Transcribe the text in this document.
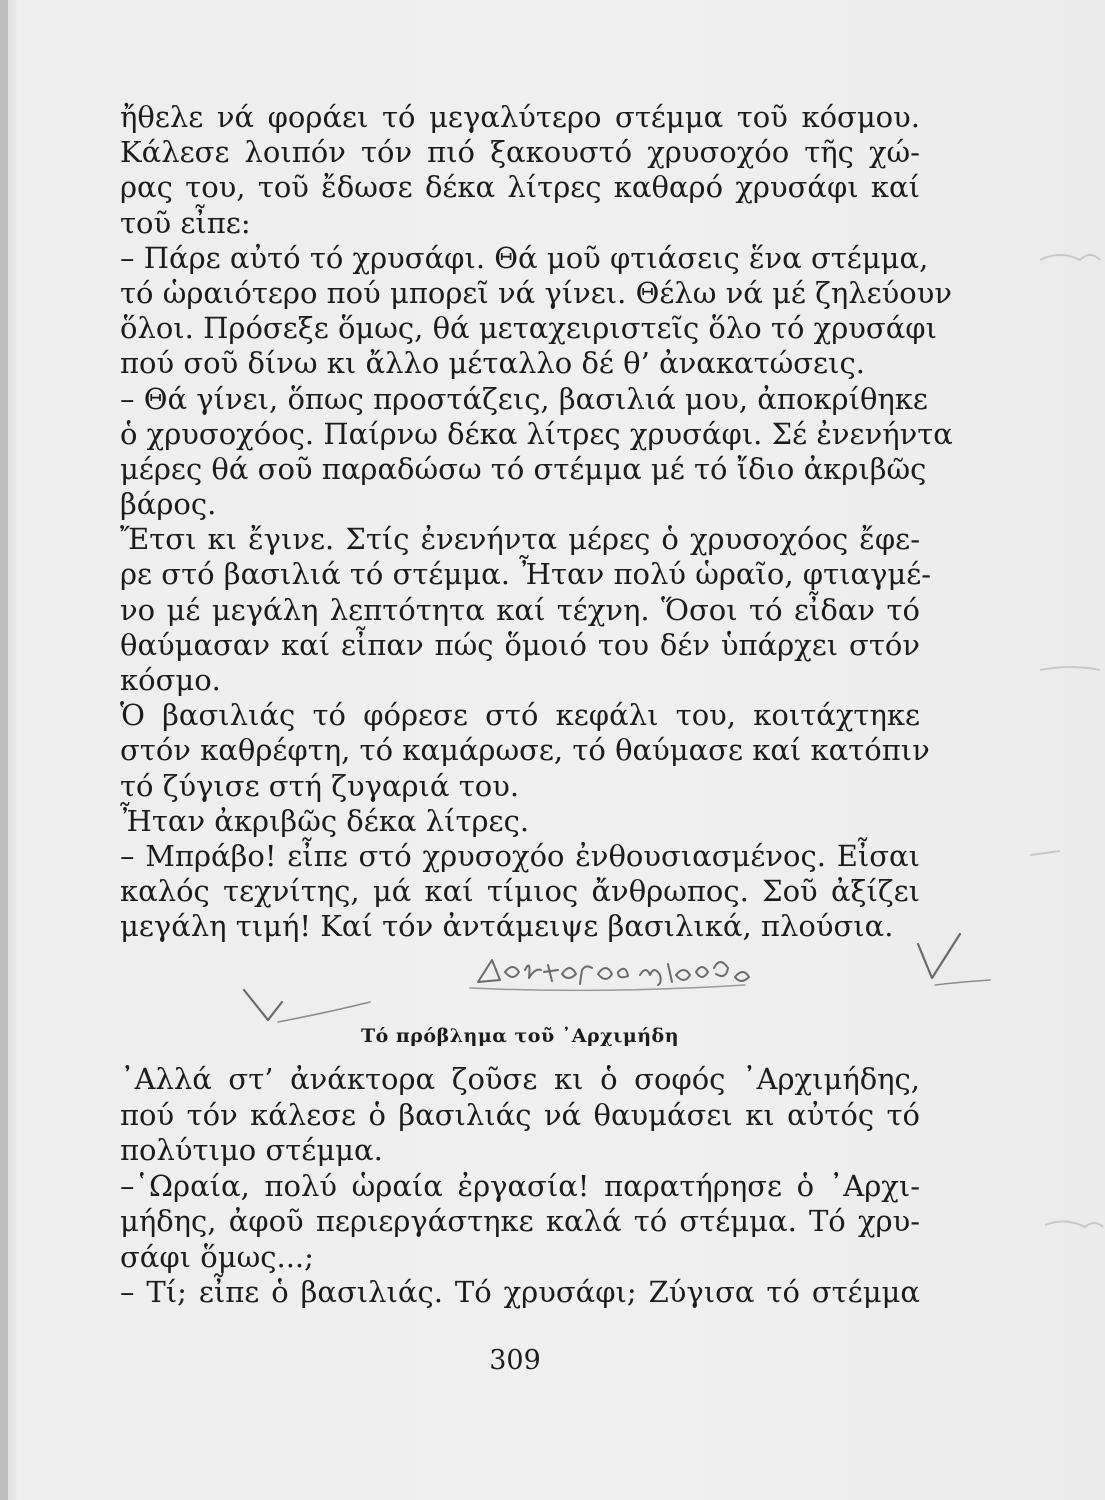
ἤθελε νά φοράει τό μεγαλύτερο στέμμα τοῦ κόσμου.
Κάλεσε λοιπόν τόν πιό ξακουστό χρυσοχόο τῆς χώ-
ρας του, τοῦ ἔδωσε δέκα λίτρες καθαρό χρυσάφι καί
τοῦ εἶπε:
– Πάρε αὐτό τό χρυσάφι. Θά μοῦ φτιάσεις ἕνα στέμμα,
τό ὡραιότερο πού μπορεῖ νά γίνει. Θέλω νά μέ ζηλεύουν
ὅλοι. Πρόσεξε ὅμως, θά μεταχειριστεῖς ὅλο τό χρυσάφι
πού σοῦ δίνω κι ἄλλο μέταλλο δέ θ’ ἀνακατώσεις.
– Θά γίνει, ὅπως προστάζεις, βασιλιά μου, ἀποκρίθηκε
ὁ χρυσοχόος. Παίρνω δέκα λίτρες χρυσάφι. Σέ ἐνενήντα
μέρες θά σοῦ παραδώσω τό στέμμα μέ τό ἴδιο ἀκριβῶς
βάρος.
Ἔτσι κι ἔγινε. Στίς ἐνενήντα μέρες ὁ χρυσοχόος ἔφε-
ρε στό βασιλιά τό στέμμα. Ἦταν πολύ ὡραῖο, φτιαγμέ-
νο μέ μεγάλη λεπτότητα καί τέχνη. Ὅσοι τό εἶδαν τό
θαύμασαν καί εἶπαν πώς ὅμοιό του δέν ὑπάρχει στόν
κόσμο.
Ὁ βασιλιάς τό φόρεσε στό κεφάλι του, κοιτάχτηκε
στόν καθρέφτη, τό καμάρωσε, τό θαύμασε καί κατόπιν
τό ζύγισε στή ζυγαριά του.
Ἦταν ἀκριβῶς δέκα λίτρες.
– Μπράβο! εἶπε στό χρυσοχόο ἐνθουσιασμένος. Εἶσαι
καλός τεχνίτης, μά καί τίμιος ἄνθρωπος. Σοῦ ἀξίζει
μεγάλη τιμή! Καί τόν ἀντάμειψε βασιλικά, πλούσια.
Τό πρόβλημα τοῦ ᾿Αρχιμήδη
᾿Αλλά στ’ ἀνάκτορα ζοῦσε κι ὁ σοφός ᾿Αρχιμήδης,
πού τόν κάλεσε ὁ βασιλιάς νά θαυμάσει κι αὐτός τό
πολύτιμο στέμμα.
–῾Ωραία, πολύ ὡραία ἐργασία! παρατήρησε ὁ ᾿Αρχι-
μήδης, ἀφοῦ περιεργάστηκε καλά τό στέμμα. Τό χρυ-
σάφι ὅμως...;
– Τί; εἶπε ὁ βασιλιάς. Τό χρυσάφι; Ζύγισα τό στέμμα
309
